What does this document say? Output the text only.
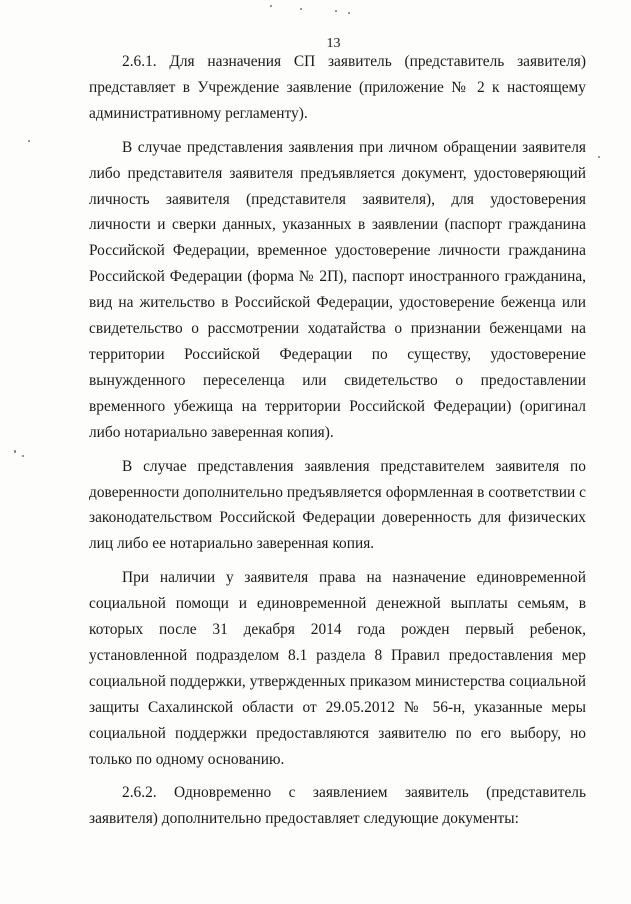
13

2.6.1. Для назначения СП заявитель (представитель заявителя) представляет в Учреждение заявление (приложение № 2 к настоящему административному регламенту).

В случае представления заявления при личном обращении заявителя либо представителя заявителя предъявляется документ, удостоверяющий личность заявителя (представителя заявителя), для удостоверения личности и сверки данных, указанных в заявлении (паспорт гражданина Российской Федерации, временное удостоверение личности гражданина Российской Федерации (форма № 2П), паспорт иностранного гражданина, вид на жительство в Российской Федерации, удостоверение беженца или свидетельство о рассмотрении ходатайства о признании беженцами на территории Российской Федерации по существу, удостоверение вынужденного переселенца или свидетельство о предоставлении временного убежища на территории Российской Федерации) (оригинал либо нотариально заверенная копия).

В случае представления заявления представителем заявителя по доверенности дополнительно предъявляется оформленная в соответствии с законодательством Российской Федерации доверенность для физических лиц либо ее нотариально заверенная копия.

При наличии у заявителя права на назначение единовременной социальной помощи и единовременной денежной выплаты семьям, в которых после 31 декабря 2014 года рожден первый ребенок, установленной подразделом 8.1 раздела 8 Правил предоставления мер социальной поддержки, утвержденных приказом министерства социальной защиты Сахалинской области от 29.05.2012 № 56-н, указанные меры социальной поддержки предоставляются заявителю по его выбору, но только по одному основанию.

2.6.2. Одновременно с заявлением заявитель (представитель заявителя) дополнительно предоставляет следующие документы:
